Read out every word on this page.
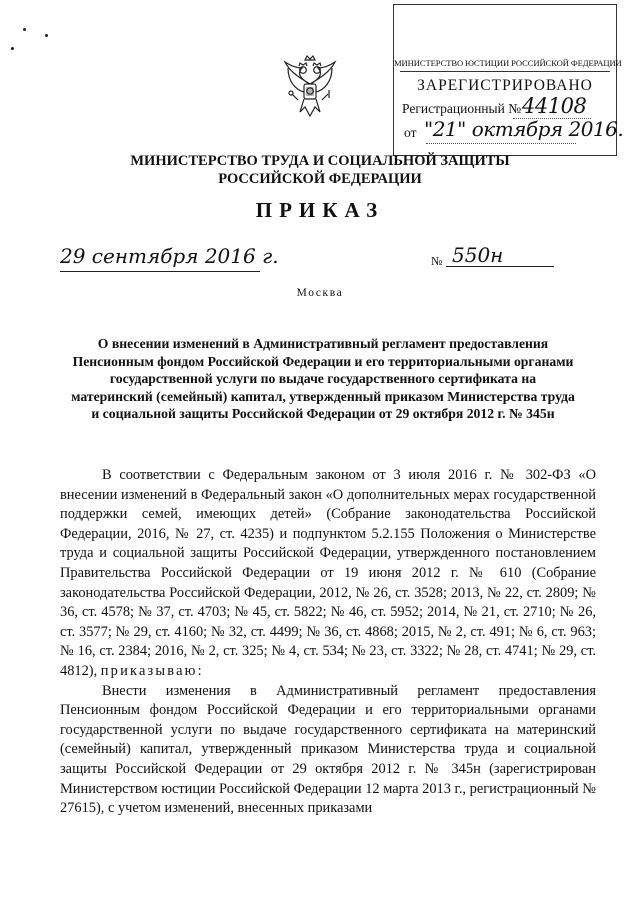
МИНИСТЕРСТВО ЮСТИЦИИ РОССИЙСКОЙ ФЕДЕРАЦИИ
ЗАРЕГИСТРИРОВАНО
Регистрационный № 44108
от "21" октября 2016.
МИНИСТЕРСТВО ТРУДА И СОЦИАЛЬНОЙ ЗАЩИТЫ
РОССИЙСКОЙ ФЕДЕРАЦИИ
ПРИКАЗ
29 сентября 2016 г.	№ 550н
Москва
О внесении изменений в Административный регламент предоставления Пенсионным фондом Российской Федерации и его территориальными органами государственной услуги по выдаче государственного сертификата на материнский (семейный) капитал, утвержденный приказом Министерства труда и социальной защиты Российской Федерации от 29 октября 2012 г. № 345н

В соответствии с Федеральным законом от 3 июля 2016 г. № 302-ФЗ «О внесении изменений в Федеральный закон «О дополнительных мерах государственной поддержки семей, имеющих детей» (Собрание законодательства Российской Федерации, 2016, № 27, ст. 4235) и подпунктом 5.2.155 Положения о Министерстве труда и социальной защиты Российской Федерации, утвержденного постановлением Правительства Российской Федерации от 19 июня 2012 г. № 610 (Собрание законодательства Российской Федерации, 2012, № 26, ст. 3528; 2013, № 22, ст. 2809; № 36, ст. 4578; № 37, ст. 4703; № 45, ст. 5822; № 46, ст. 5952; 2014, № 21, ст. 2710; № 26, ст. 3577; № 29, ст. 4160; № 32, ст. 4499; № 36, ст. 4868; 2015, № 2, ст. 491; № 6, ст. 963; № 16, ст. 2384; 2016, № 2, ст. 325; № 4, ст. 534; № 23, ст. 3322; № 28, ст. 4741; № 29, ст. 4812), приказываю:

Внести изменения в Административный регламент предоставления Пенсионным фондом Российской Федерации и его территориальными органами государственной услуги по выдаче государственного сертификата на материнский (семейный) капитал, утвержденный приказом Министерства труда и социальной защиты Российской Федерации от 29 октября 2012 г. № 345н (зарегистрирован Министерством юстиции Российской Федерации 12 марта 2013 г., регистрационный № 27615), с учетом изменений, внесенных приказами
